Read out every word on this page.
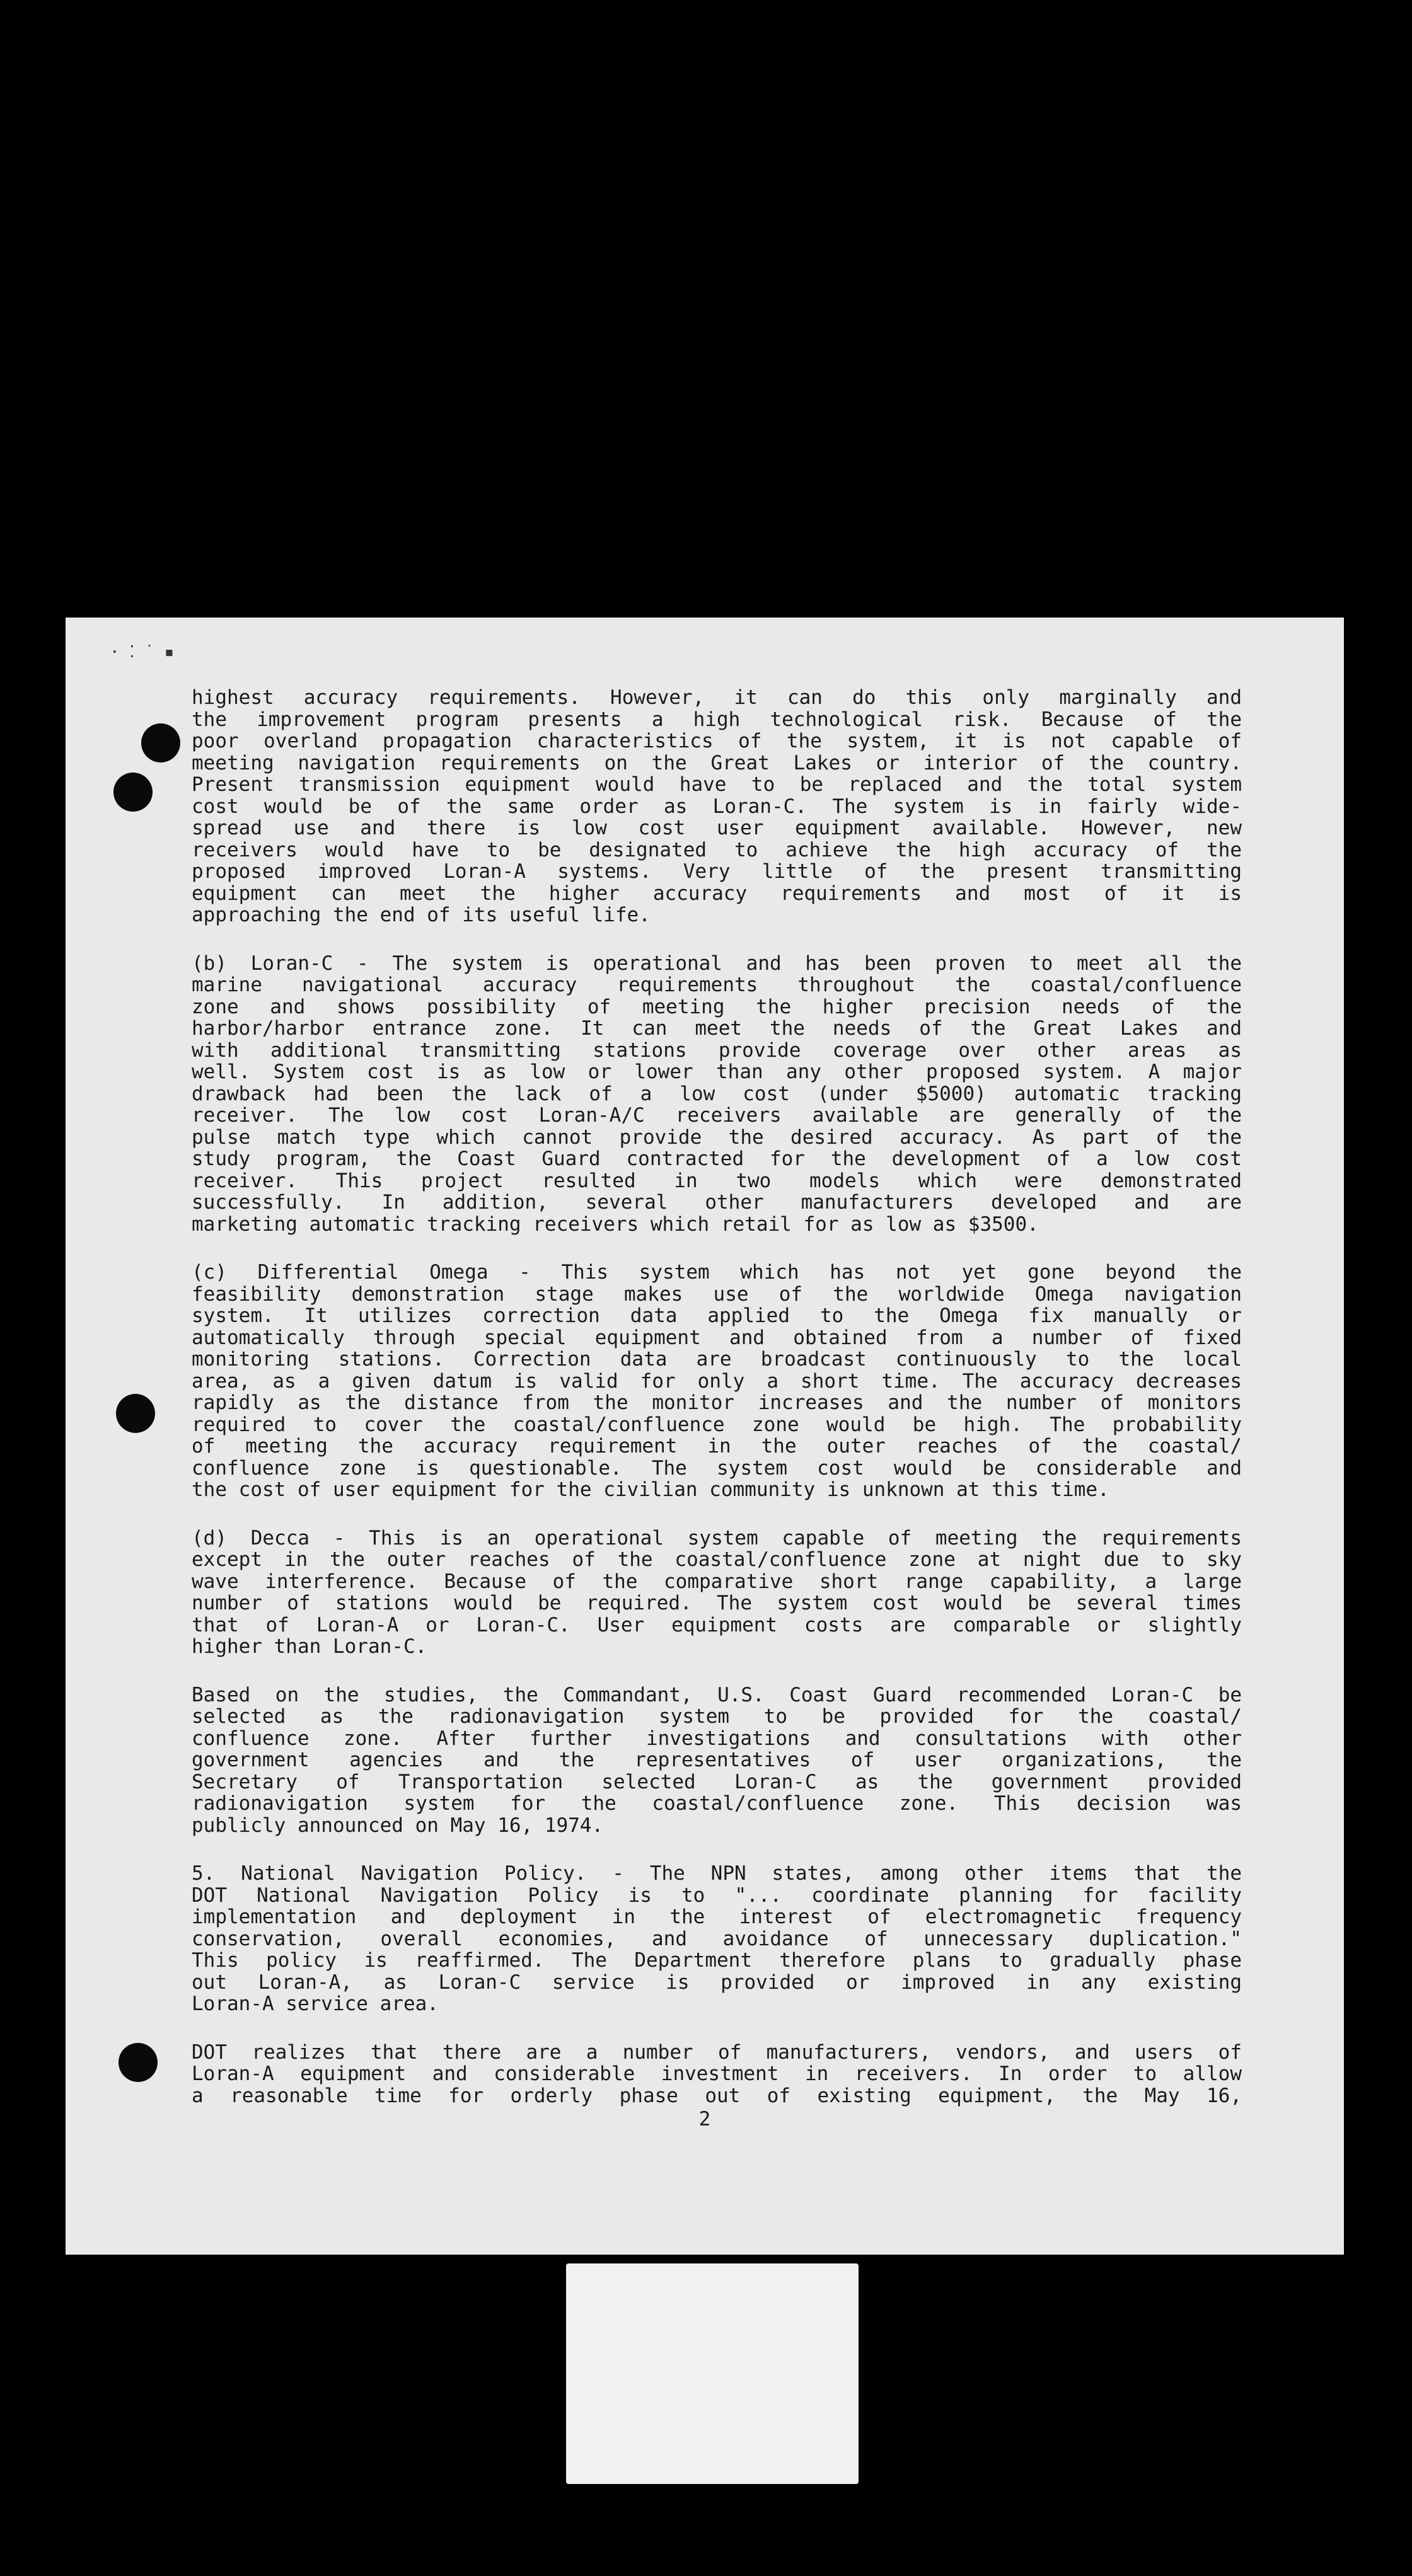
· ⁚ ˙ ▪
highest accuracy requirements. However, it can do this only marginally and
the improvement program presents a high technological risk. Because of the
poor overland propagation characteristics of the system, it is not capable of
meeting navigation requirements on the Great Lakes or interior of the country.
Present transmission equipment would have to be replaced and the total system
cost would be of the same order as Loran-C. The system is in fairly wide-
spread use and there is low cost user equipment available. However, new
receivers would have to be designated to achieve the high accuracy of the
proposed improved Loran-A systems. Very little of the present transmitting
equipment can meet the higher accuracy requirements and most of it is
approaching the end of its useful life.
(b) Loran-C - The system is operational and has been proven to meet all the
marine navigational accuracy requirements throughout the coastal/confluence
zone and shows possibility of meeting the higher precision needs of the
harbor/harbor entrance zone. It can meet the needs of the Great Lakes and
with additional transmitting stations provide coverage over other areas as
well. System cost is as low or lower than any other proposed system. A major
drawback had been the lack of a low cost (under $5000) automatic tracking
receiver. The low cost Loran-A/C receivers available are generally of the
pulse match type which cannot provide the desired accuracy. As part of the
study program, the Coast Guard contracted for the development of a low cost
receiver. This project resulted in two models which were demonstrated
successfully. In addition, several other manufacturers developed and are
marketing automatic tracking receivers which retail for as low as $3500.
(c) Differential Omega - This system which has not yet gone beyond the
feasibility demonstration stage makes use of the worldwide Omega navigation
system. It utilizes correction data applied to the Omega fix manually or
automatically through special equipment and obtained from a number of fixed
monitoring stations. Correction data are broadcast continuously to the local
area, as a given datum is valid for only a short time. The accuracy decreases
rapidly as the distance from the monitor increases and the number of monitors
required to cover the coastal/confluence zone would be high. The probability
of meeting the accuracy requirement in the outer reaches of the coastal/
confluence zone is questionable. The system cost would be considerable and
the cost of user equipment for the civilian community is unknown at this time.
(d) Decca - This is an operational system capable of meeting the requirements
except in the outer reaches of the coastal/confluence zone at night due to sky
wave interference. Because of the comparative short range capability, a large
number of stations would be required. The system cost would be several times
that of Loran-A or Loran-C. User equipment costs are comparable or slightly
higher than Loran-C.
Based on the studies, the Commandant, U.S. Coast Guard recommended Loran-C be
selected as the radionavigation system to be provided for the coastal/
confluence zone. After further investigations and consultations with other
government agencies and the representatives of user organizations, the
Secretary of Transportation selected Loran-C as the government provided
radionavigation system for the coastal/confluence zone. This decision was
publicly announced on May 16, 1974.
5. National Navigation Policy. - The NPN states, among other items that the
DOT National Navigation Policy is to "... coordinate planning for facility
implementation and deployment in the interest of electromagnetic frequency
conservation, overall economies, and avoidance of unnecessary duplication."
This policy is reaffirmed. The Department therefore plans to gradually phase
out Loran-A, as Loran-C service is provided or improved in any existing
Loran-A service area.
DOT realizes that there are a number of manufacturers, vendors, and users of
Loran-A equipment and considerable investment in receivers. In order to allow
a reasonable time for orderly phase out of existing equipment, the May 16,
2
